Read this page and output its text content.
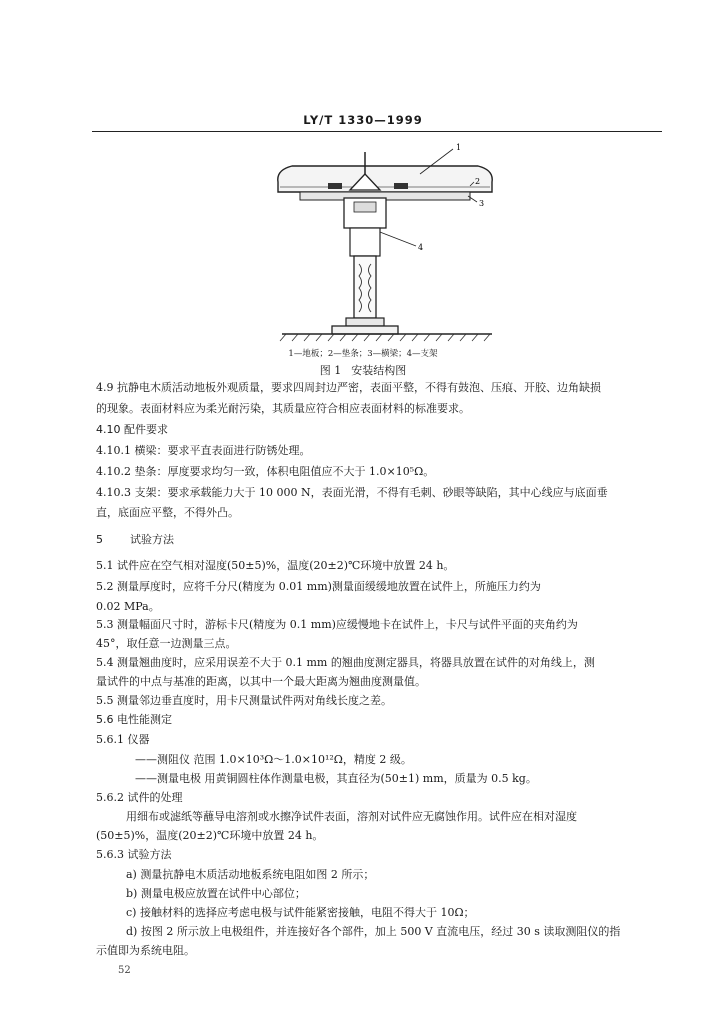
LY/T 1330—1999
1
2
3
4
1—地板；2—垫条；3—横梁；4—支架
图 1 安装结构图
4.9 抗静电木质活动地板外观质量，要求四周封边严密，表面平整，不得有鼓泡、压痕、开胶、边角缺损
的现象。表面材料应为柔光耐污染，其质量应符合相应表面材料的标准要求。
4.10 配件要求
4.10.1 横梁：要求平直表面进行防锈处理。
4.10.2 垫条：厚度要求均匀一致，体积电阻值应不大于 1.0×10⁵Ω。
4.10.3 支架：要求承载能力大于 10 000 N，表面光滑，不得有毛刺、砂眼等缺陷，其中心线应与底面垂
直，底面应平整，不得外凸。
5 试验方法
5.1 试件应在空气相对湿度(50±5)%，温度(20±2)℃环境中放置 24 h。
5.2 测量厚度时，应将千分尺(精度为 0.01 mm)测量面缓缓地放置在试件上，所施压力约为
0.02 MPa。
5.3 测量幅面尺寸时，游标卡尺(精度为 0.1 mm)应缓慢地卡在试件上，卡尺与试件平面的夹角约为
45°，取任意一边测量三点。
5.4 测量翘曲度时，应采用误差不大于 0.1 mm 的翘曲度测定器具，将器具放置在试件的对角线上，测
量试件的中点与基准的距离，以其中一个最大距离为翘曲度测量值。
5.5 测量邻边垂直度时，用卡尺测量试件两对角线长度之差。
5.6 电性能测定
5.6.1 仪器
——测阻仪 范围 1.0×10³Ω～1.0×10¹²Ω，精度 2 级。
——测量电极 用黄铜圆柱体作测量电极，其直径为(50±1) mm，质量为 0.5 kg。
5.6.2 试件的处理
用细布或滤纸等蘸导电溶剂或水擦净试件表面，溶剂对试件应无腐蚀作用。试件应在相对湿度
(50±5)%，温度(20±2)℃环境中放置 24 h。
5.6.3 试验方法
a) 测量抗静电木质活动地板系统电阻如图 2 所示；
b) 测量电极应放置在试件中心部位；
c) 接触材料的选择应考虑电极与试件能紧密接触，电阻不得大于 10Ω；
d) 按图 2 所示放上电极组件，并连接好各个部件，加上 500 V 直流电压，经过 30 s 读取测阻仪的指
示值即为系统电阻。
52
